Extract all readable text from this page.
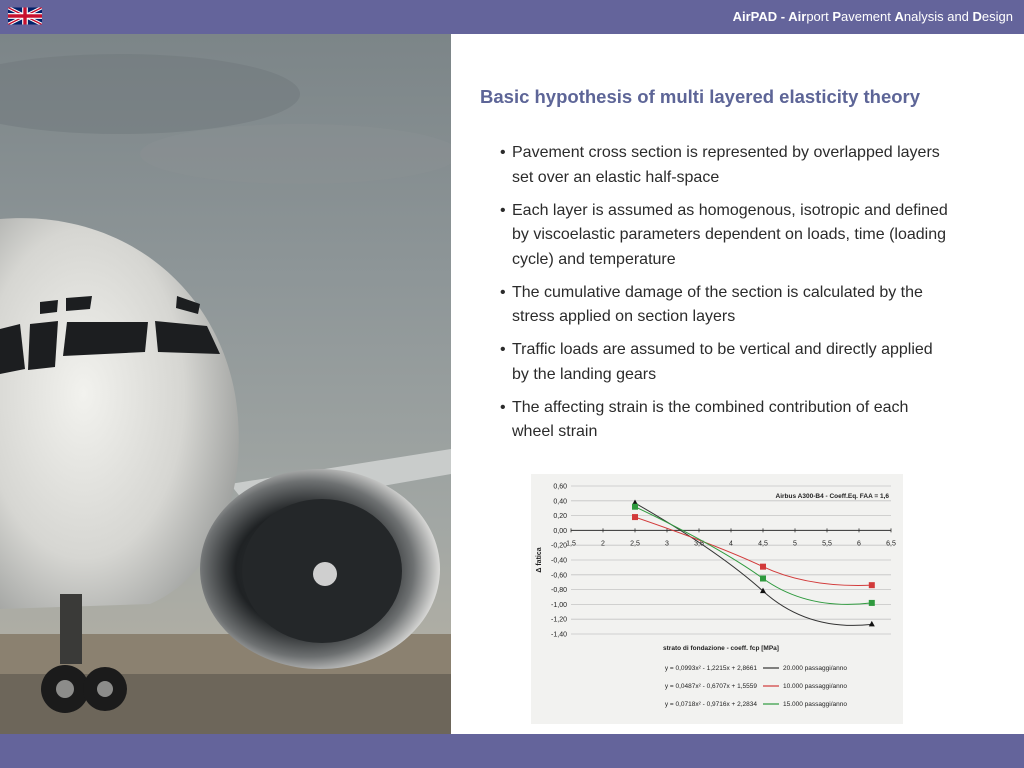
AirPAD - Airport Pavement Analysis and Design
Basic hypothesis of multi layered elasticity theory
• Pavement cross section is represented by overlapped layers set over an elastic half-space
• Each layer is assumed as homogenous, isotropic and defined by viscoelastic parameters dependent on loads, time (loading cycle) and temperature
• The cumulative damage of the section is calculated by the stress applied on section layers
• Traffic loads are assumed to be vertical and directly applied by the landing gears
• The affecting strain is the combined contribution of each wheel strain
0,60
0,40
0,20
0,00
-0,20
-0,40
-0,60
-0,80
-1,00
-1,20
-1,40
1,5	2	2,5	3	3,5	4	4,5	5	5,5	6	6,5
Δ fatica
Airbus A300-B4 - Coeff.Eq. FAA = 1,6
strato di fondazione - coeff. fcp [MPa]
y = 0,0993x² - 1,2215x + 2,8661	20.000 passaggi/anno
y = 0,0487x² - 0,6707x + 1,5559	10.000 passaggi/anno
y = 0,0718x² - 0,9716x + 2,2834	15.000 passaggi/anno
